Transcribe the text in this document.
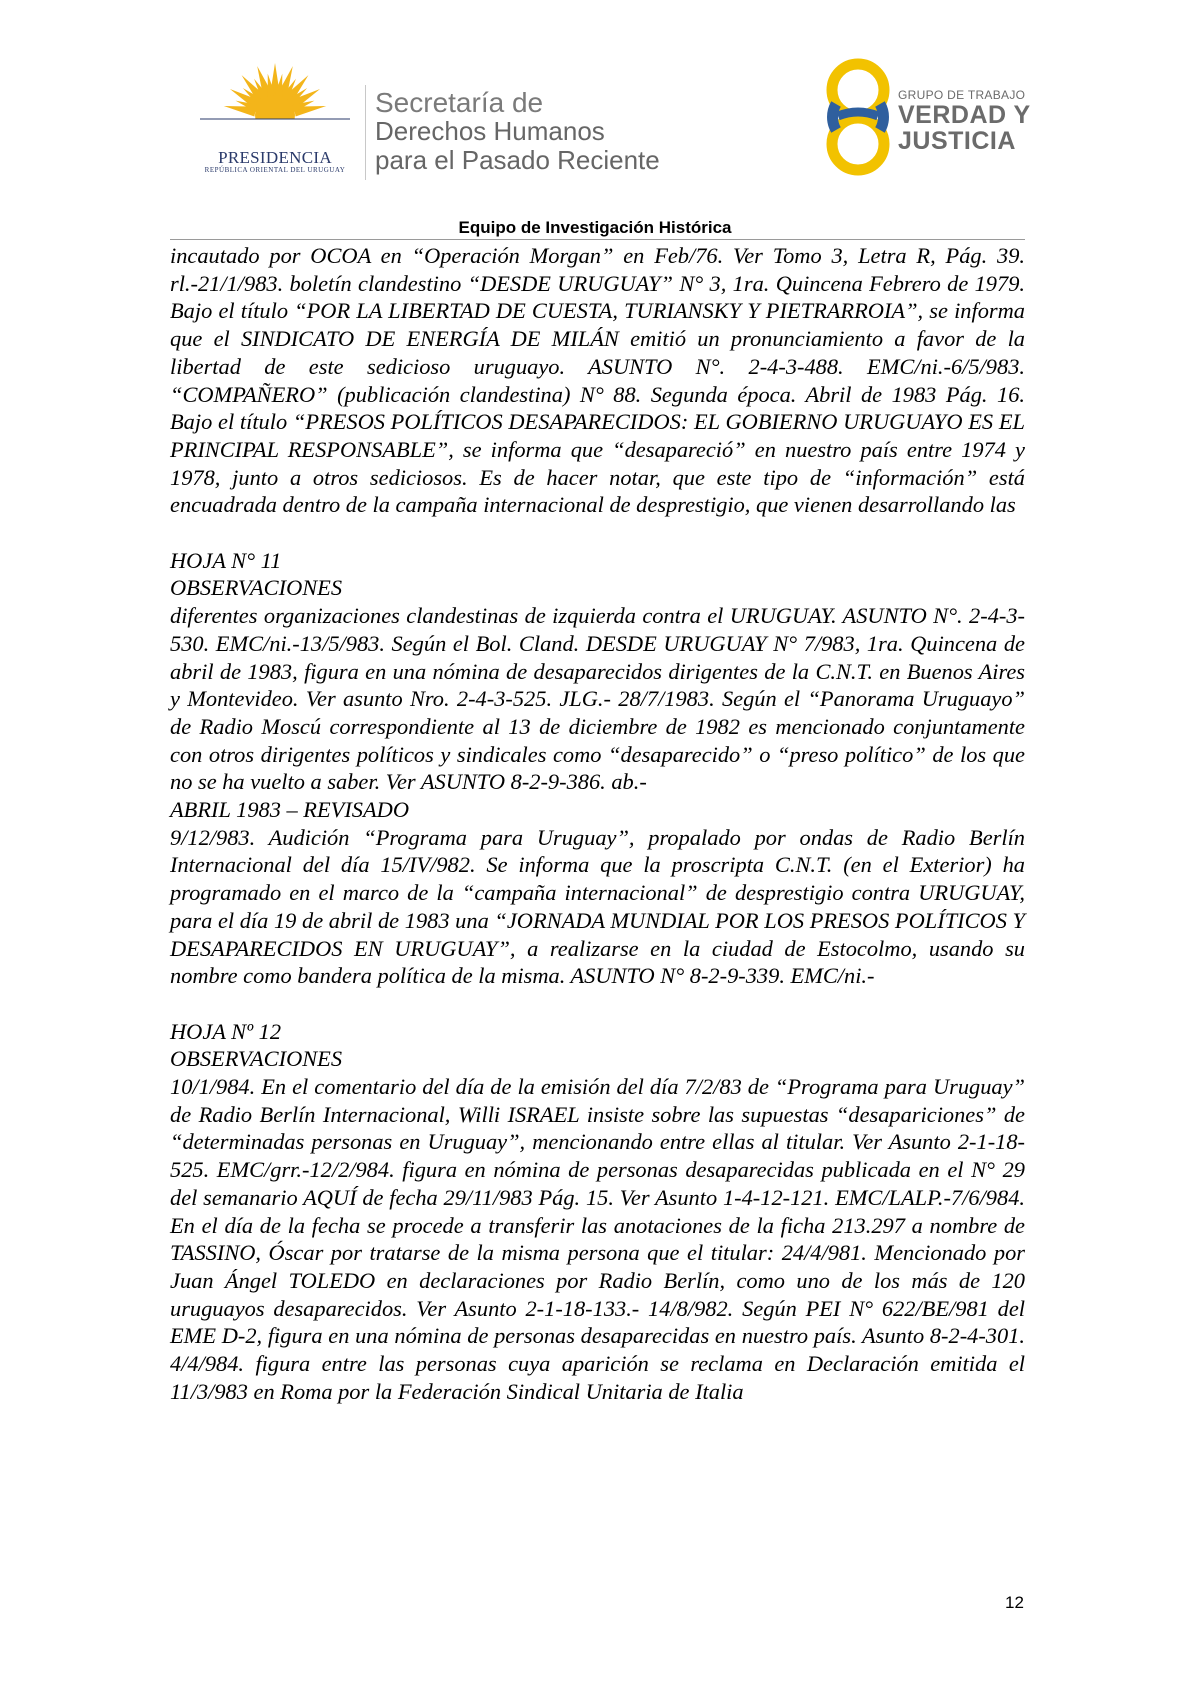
PRESIDENCIA
REPÚBLICA ORIENTAL DEL URUGUAY
Secretaría de
Derechos Humanos
para el Pasado Reciente
GRUPO DE TRABAJO
VERDAD Y
JUSTICIA
Equipo de Investigación Histórica

incautado por OCOA en “Operación Morgan” en Feb/76. Ver Tomo 3, Letra R, Pág. 39. rl.-21/1/983. boletín clandestino “DESDE URUGUAY” N° 3, 1ra. Quincena Febrero de 1979. Bajo el título “POR LA LIBERTAD DE CUESTA, TURIANSKY Y PIETRARROIA”, se informa que el SINDICATO DE ENERGÍA DE MILÁN emitió un pronunciamiento a favor de la libertad de este sedicioso uruguayo. ASUNTO N°. 2-4-3-488. EMC/ni.-6/5/983. “COMPAÑERO” (publicación clandestina) N° 88. Segunda época. Abril de 1983 Pág. 16. Bajo el título “PRESOS POLÍTICOS DESAPARECIDOS: EL GOBIERNO URUGUAYO ES EL PRINCIPAL RESPONSABLE”, se informa que “desapareció” en nuestro país entre 1974 y 1978, junto a otros sediciosos. Es de hacer notar, que este tipo de “información” está encuadrada dentro de la campaña internacional de desprestigio, que vienen desarrollando las

HOJA N° 11

OBSERVACIONES

diferentes organizaciones clandestinas de izquierda contra el URUGUAY. ASUNTO N°. 2-4-3-530. EMC/ni.-13/5/983. Según el Bol. Cland. DESDE URUGUAY N° 7/983, 1ra. Quincena de abril de 1983, figura en una nómina de desaparecidos dirigentes de la C.N.T. en Buenos Aires y Montevideo. Ver asunto Nro. 2-4-3-525. JLG.- 28/7/1983. Según el “Panorama Uruguayo” de Radio Moscú correspondiente al 13 de diciembre de 1982 es mencionado conjuntamente con otros dirigentes políticos y sindicales como “desaparecido” o “preso político” de los que no se ha vuelto a saber. Ver ASUNTO 8-2-9-386. ab.-

ABRIL 1983 – REVISADO

9/12/983. Audición “Programa para Uruguay”, propalado por ondas de Radio Berlín Internacional del día 15/IV/982. Se informa que la proscripta C.N.T. (en el Exterior) ha programado en el marco de la “campaña internacional” de desprestigio contra URUGUAY, para el día 19 de abril de 1983 una “JORNADA MUNDIAL POR LOS PRESOS POLÍTICOS Y DESAPARECIDOS EN URUGUAY”, a realizarse en la ciudad de Estocolmo, usando su nombre como bandera política de la misma. ASUNTO N° 8-2-9-339. EMC/ni.-

HOJA Nº 12

OBSERVACIONES

10/1/984. En el comentario del día de la emisión del día 7/2/83 de “Programa para Uruguay” de Radio Berlín Internacional, Willi ISRAEL insiste sobre las supuestas “desapariciones” de “determinadas personas en Uruguay”, mencionando entre ellas al titular. Ver Asunto 2-1-18-525. EMC/grr.-12/2/984. figura en nómina de personas desaparecidas publicada en el N° 29 del semanario AQUÍ de fecha 29/11/983 Pág. 15. Ver Asunto 1-4-12-121. EMC/LALP.-7/6/984. En el día de la fecha se procede a transferir las anotaciones de la ficha 213.297 a nombre de TASSINO, Óscar por tratarse de la misma persona que el titular: 24/4/981. Mencionado por Juan Ángel TOLEDO en declaraciones por Radio Berlín, como uno de los más de 120 uruguayos desaparecidos. Ver Asunto 2-1-18-133.- 14/8/982. Según PEI N° 622/BE/981 del EME D-2, figura en una nómina de personas desaparecidas en nuestro país. Asunto 8-2-4-301. 4/4/984. figura entre las personas cuya aparición se reclama en Declaración emitida el 11/3/983 en Roma por la Federación Sindical Unitaria de Italia

12
